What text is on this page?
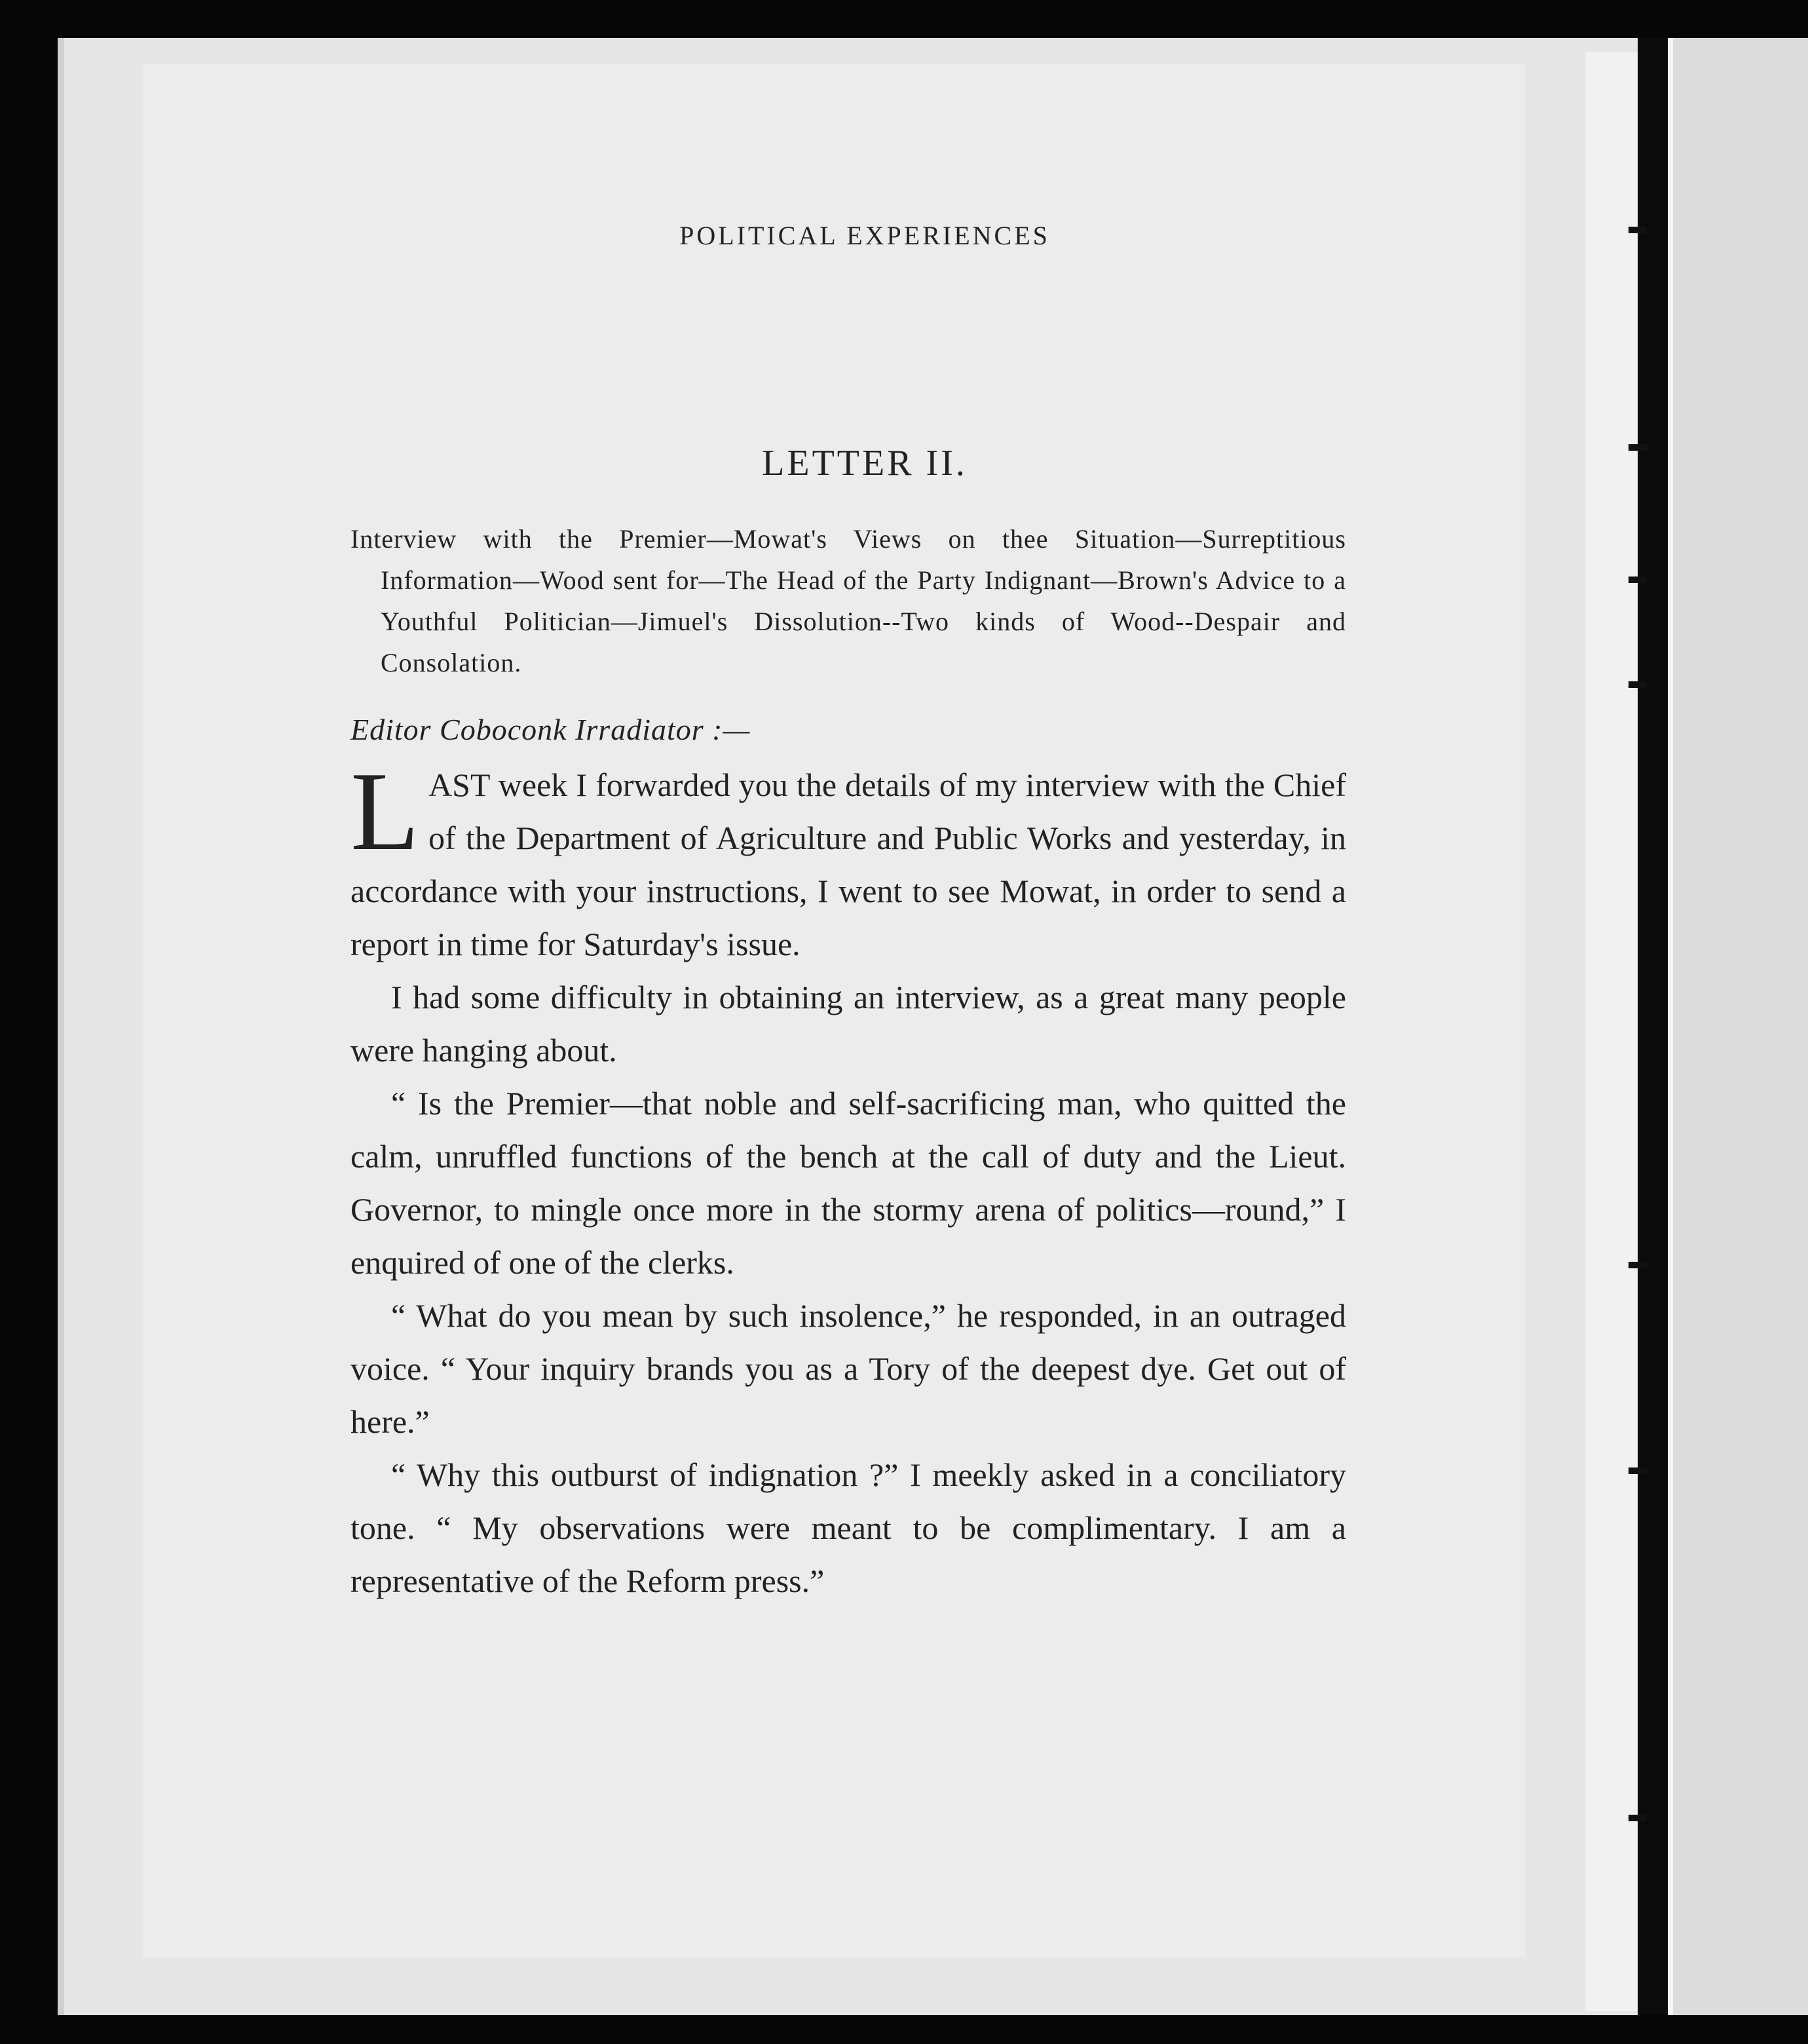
POLITICAL EXPERIENCES
LETTER II.
Interview with the Premier—Mowat's Views on thee Situation—Surreptitious Information—Wood sent for—The Head of the Party Indignant—Brown's Advice to a Youthful Politician—Jimuel's Dissolution--Two kinds of Wood--Despair and Consolation.
Editor Coboconk Irradiator :—

LAST week I forwarded you the details of my interview with the Chief of the Department of Agriculture and Public Works and yesterday, in accordance with your instructions, I went to see Mowat, in order to send a report in time for Saturday's issue.

I had some difficulty in obtaining an interview, as a great many people were hanging about.

“ Is the Premier—that noble and self-sacrificing man, who quitted the calm, unruffled functions of the bench at the call of duty and the Lieut. Governor, to mingle once more in the stormy arena of politics—round,” I enquired of one of the clerks.

“ What do you mean by such insolence,” he responded, in an outraged voice. “ Your inquiry brands you as a Tory of the deepest dye. Get out of here.”

“ Why this outburst of indignation ?” I meekly asked in a conciliatory tone. “ My observations were meant to be complimentary. I am a representative of the Reform press.”
